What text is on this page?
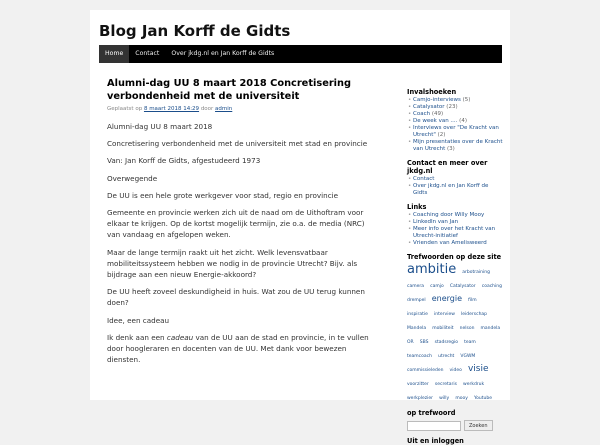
Blog Jan Korff de Gidts
Home	Contact	Over jkdg.nl en Jan Korff de Gidts
Alumni-dag UU 8 maart 2018 Concretisering verbondenheid met de universiteit
Geplaatst op 8 maart 2018 14:29 door admin

Alumni-dag UU 8 maart 2018

Concretisering verbondenheid met de universiteit met stad en provincie

Van: Jan Korff de Gidts, afgestudeerd 1973

Overwegende

De UU is een hele grote werkgever voor stad, regio en provincie

Gemeente en provincie werken zich uit de naad om de Uithoftram voor elkaar te krijgen. Op de kortst mogelijk termijn, zie o.a. de media (NRC) van vandaag en afgelopen weken.

Maar de lange termijn raakt uit het zicht. Welk levensvatbaar mobiliteitssysteem hebben we nodig in de provincie Utrecht? Bijv. als bijdrage aan een nieuw Energie-akkoord?

De UU heeft zoveel deskundigheid in huis. Wat zou de UU terug kunnen doen?

Idee, een cadeau

Ik denk aan een cadeau van de UU aan de stad en provincie, in te vullen door hoogleraren en docenten van de UU. Met dank voor bewezen diensten.

Invalshoeken
• Camjo-interviews (5)
• Catalysator (23)
• Coach (49)
• De week van .... (4)
• Interviews over "De Kracht van Utrecht" (2)
• Mijn presentaties over de Kracht van Utrecht (3)
Contact en meer over jkdg.nl
• Contact
• Over jkdg.nl en Jan Korff de Gidts
Links
• Coaching door Willy Mooy
• LinkedIn van Jan
• Meer info over het Kracht van Utrecht-initiatief
• Vrienden van Amelisweerd
Trefwoorden op deze site
ambitie arbotraining camera camjo Catalysator coaching drempel energie film inspiratie interview leiderschap Mandela mobiliteit nelson mandela OR SBS stadsregio team teamcoach utrecht VGWM commissieleden video visie voorzitter secretaris werkdruk werkplezier willy mooy Youtube
op trefwoord
Zoeken
Uit en inloggen
